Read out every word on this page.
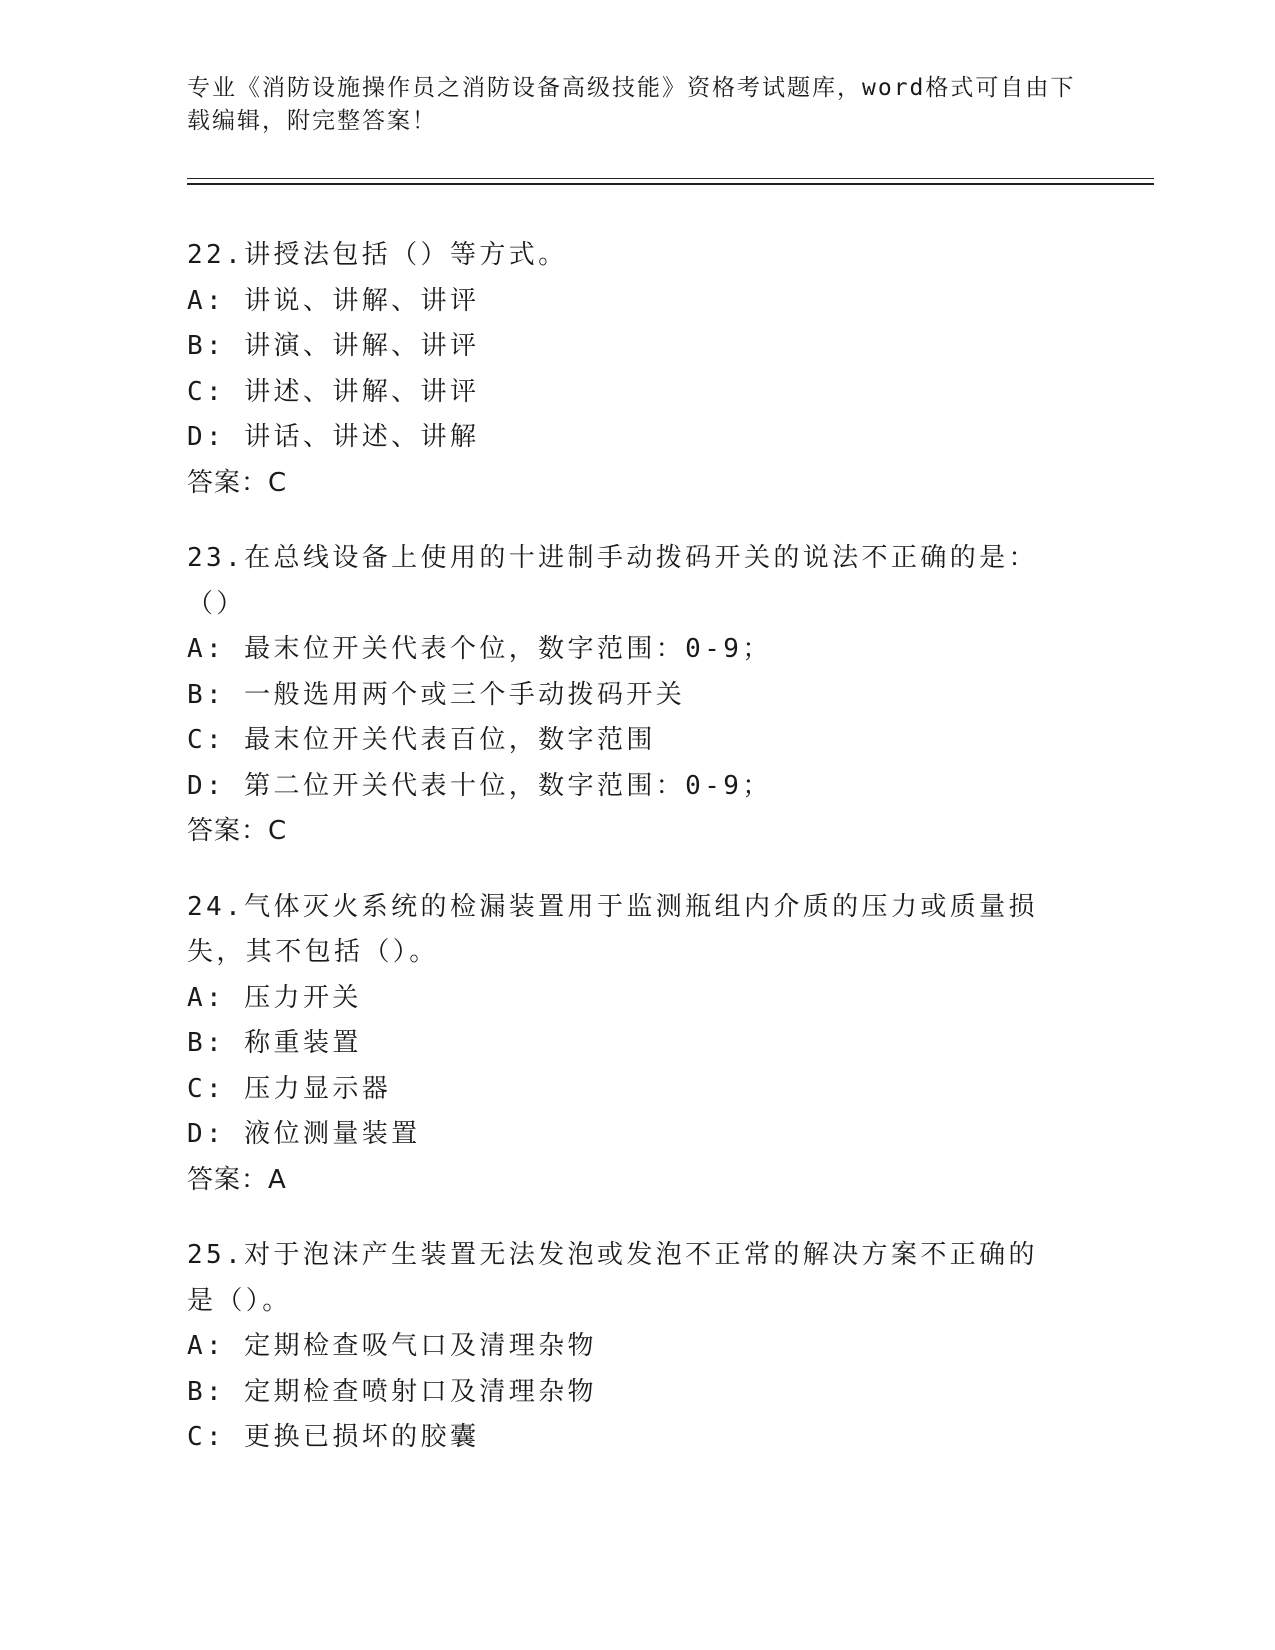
专业《消防设施操作员之消防设备高级技能》资格考试题库，word格式可自由下载编辑，附完整答案！
22.讲授法包括（）等方式。
A: 讲说、讲解、讲评
B: 讲演、讲解、讲评
C: 讲述、讲解、讲评
D: 讲话、讲述、讲解
答案：C
23.在总线设备上使用的十进制手动拨码开关的说法不正确的是：（）
A: 最末位开关代表个位，数字范围：0-9；
B: 一般选用两个或三个手动拨码开关
C: 最末位开关代表百位，数字范围
D: 第二位开关代表十位，数字范围：0-9；
答案：C
24.气体灭火系统的检漏装置用于监测瓶组内介质的压力或质量损失，其不包括（）。
A: 压力开关
B: 称重装置
C: 压力显示器
D: 液位测量装置
答案：A
25.对于泡沫产生装置无法发泡或发泡不正常的解决方案不正确的是（）。
A: 定期检查吸气口及清理杂物
B: 定期检查喷射口及清理杂物
C: 更换已损坏的胶囊
